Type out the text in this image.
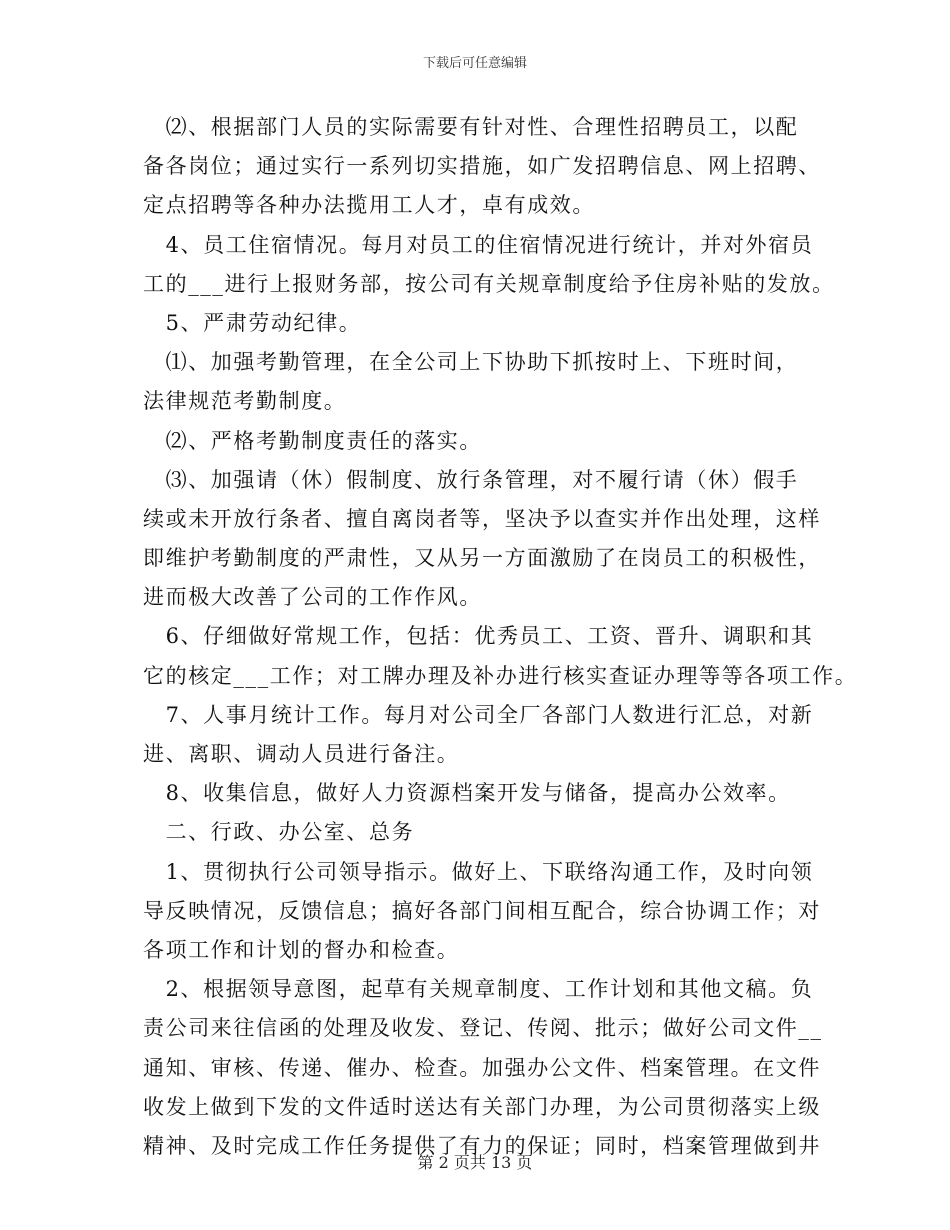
下载后可任意编辑
　⑵、根据部门人员的实际需要有针对性、合理性招聘员工，以配
备各岗位；通过实行一系列切实措施，如广发招聘信息、网上招聘、
定点招聘等各种办法揽用工人才，卓有成效。
　4、员工住宿情况。每月对员工的住宿情况进行统计，并对外宿员
工的___进行上报财务部，按公司有关规章制度给予住房补贴的发放。
　5、严肃劳动纪律。
　⑴、加强考勤管理，在全公司上下协助下抓按时上、下班时间，
法律规范考勤制度。
　⑵、严格考勤制度责任的落实。
　⑶、加强请（休）假制度、放行条管理，对不履行请（休）假手
续或未开放行条者、擅自离岗者等，坚决予以查实并作出处理，这样
即维护考勤制度的严肃性，又从另一方面激励了在岗员工的积极性，
进而极大改善了公司的工作作风。
　6、仔细做好常规工作，包括：优秀员工、工资、晋升、调职和其
它的核定___工作；对工牌办理及补办进行核实查证办理等等各项工作。
　7、人事月统计工作。每月对公司全厂各部门人数进行汇总，对新
进、离职、调动人员进行备注。
　8、收集信息，做好人力资源档案开发与储备，提高办公效率。
　二、行政、办公室、总务
　1、贯彻执行公司领导指示。做好上、下联络沟通工作，及时向领
导反映情况，反馈信息；搞好各部门间相互配合，综合协调工作；对
各项工作和计划的督办和检查。
　2、根据领导意图，起草有关规章制度、工作计划和其他文稿。负
责公司来往信函的处理及收发、登记、传阅、批示；做好公司文件__
通知、审核、传递、催办、检查。加强办公文件、档案管理。在文件
收发上做到下发的文件适时送达有关部门办理，为公司贯彻落实上级
精神、及时完成工作任务提供了有力的保证；同时，档案管理做到井
第 2 页共 13 页
